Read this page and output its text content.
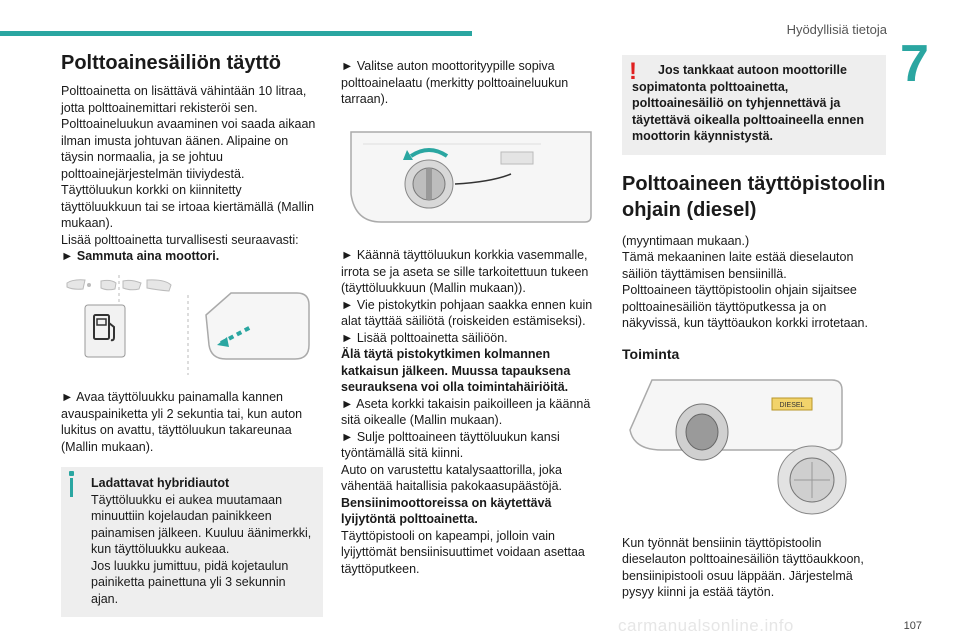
Hyödyllisiä tietoja
7
Polttoainesäiliön täyttö

Polttoainetta on lisättävä vähintään 10 litraa, jotta polttoainemittari rekisteröi sen.

Polttoaineluukun avaaminen voi saada aikaan ilman imusta johtuvan äänen. Alipaine on täysin normaalia, ja se johtuu polttoainejärjestelmän tiiviydestä.

Täyttöluukun korkki on kiinnitetty täyttöluukkuun tai se irtoaa kiertämällä (Mallin mukaan).

Lisää polttoainetta turvallisesti seuraavasti:

► Sammuta aina moottori.

► Avaa täyttöluukku painamalla kannen avauspainiketta yli 2 sekuntia tai, kun auton lukitus on avattu, täyttöluukun takareunaa (Mallin mukaan).

Ladattavat hybridiautot

Täyttöluukku ei aukea muutamaan minuuttiin kojelaudan painikkeen painamisen jälkeen. Kuuluu äänimerkki, kun täyttöluukku aukeaa.

Jos luukku jumittuu, pidä kojetaulun painiketta painettuna yli 3 sekunnin ajan.

► Valitse auton moottorityypille sopiva polttoainelaatu (merkitty polttoaineluukun tarraan).

► Käännä täyttöluukun korkkia vasemmalle, irrota se ja aseta se sille tarkoitettuun tukeen (täyttöluukkuun (Mallin mukaan)).

► Vie pistokytkin pohjaan saakka ennen kuin alat täyttää säiliötä (roiskeiden estämiseksi).

► Lisää polttoainetta säiliöön.

Älä täytä pistokytkimen kolmannen katkaisun jälkeen. Muussa tapauksena seurauksena voi olla toimintahäiriöitä.

► Aseta korkki takaisin paikoilleen ja käännä sitä oikealle (Mallin mukaan).

► Sulje polttoaineen täyttöluukun kansi työntämällä sitä kiinni.

Auto on varustettu katalysaattorilla, joka vähentää haitallisia pakokaasupäästöjä.

Bensiinimoottoreissa on käytettävä lyijytöntä polttoainetta.

Täyttöpistooli on kapeampi, jolloin vain lyijyttömät bensiinisuuttimet voidaan asettaa täyttöputkeen.

!	Jos tankkaat autoon moottorille sopimatonta polttoainetta, polttoainesäiliö on tyhjennettävä ja täytettävä oikealla polttoaineella ennen moottorin käynnistystä.

Polttoaineen täyttöpistoolin ohjain (diesel)

(myyntimaan mukaan.)

Tämä mekaaninen laite estää dieselauton säiliön täyttämisen bensiinillä.

Polttoaineen täyttöpistoolin ohjain sijaitsee polttoainesäiliön täyttöputkessa ja on näkyvissä, kun täyttöaukon korkki irrotetaan.

Toiminta
DIESEL

Kun työnnät bensiinin täyttöpistoolin dieselauton polttoainesäiliön täyttöaukkoon, bensiinipistooli osuu läppään. Järjestelmä pysyy kiinni ja estää täytön.

carmanualsonline.info	107
